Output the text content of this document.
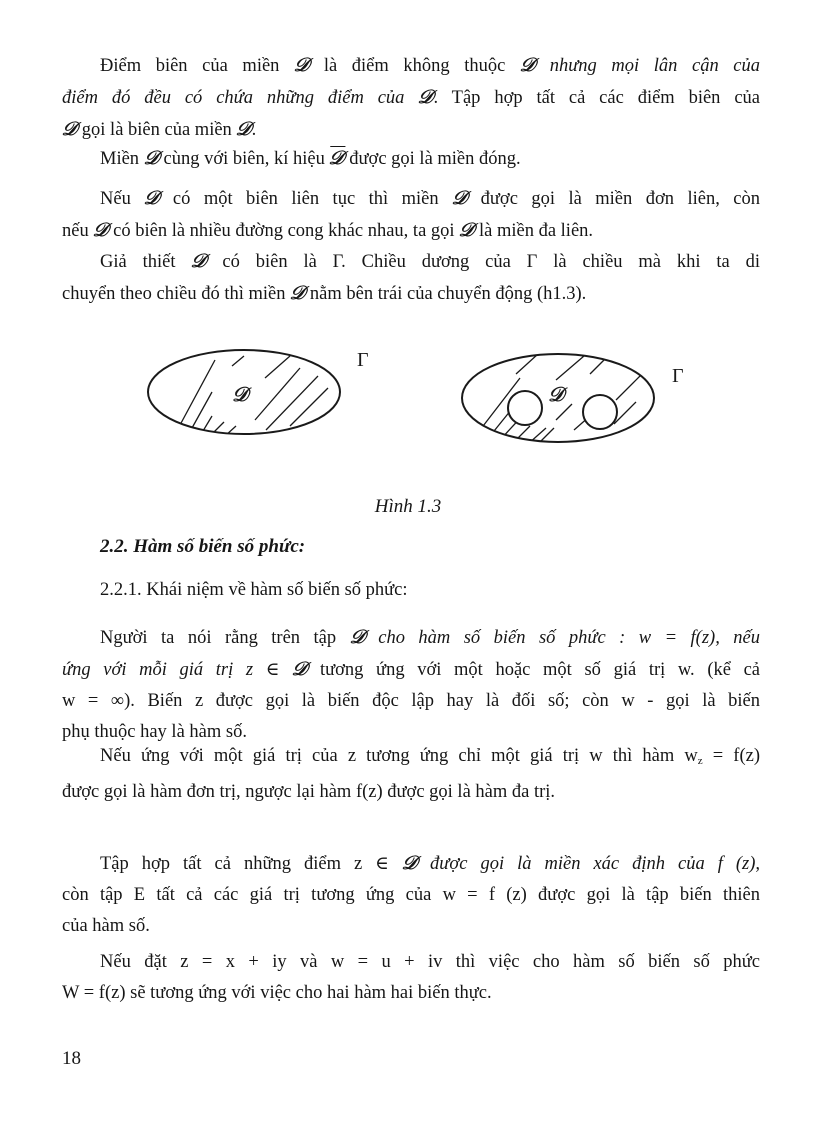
Điểm biên của miền 𝒟 là điểm không thuộc 𝒟 nhưng mọi lân cận của
điểm đó đều có chứa những điểm của 𝒟. Tập hợp tất cả các điểm biên của
𝒟 gọi là biên của miền 𝒟.
Miền 𝒟 cùng với biên, kí hiệu 𝒟 được gọi là miền đóng.
Nếu 𝒟 có một biên liên tục thì miền 𝒟 được gọi là miền đơn liên, còn
nếu 𝒟 có biên là nhiều đường cong khác nhau, ta gọi 𝒟 là miền đa liên.
Giả thiết 𝒟 có biên là Γ. Chiều dương của Γ là chiều mà khi ta di
chuyển theo chiều đó thì miền 𝒟 nằm bên trái của chuyển động (h1.3).
𝒟
Γ
𝒟
Γ
Hình 1.3
2.2. Hàm số biến số phức:
2.2.1. Khái niệm về hàm số biến số phức:
Người ta nói rằng trên tập 𝒟 cho hàm số biến số phức : w = f(z), nếu
ứng với mỗi giá trị z ∈ 𝒟 tương ứng với một hoặc một số giá trị w. (kể cả
w = ∞). Biến z được gọi là biến độc lập hay là đối số; còn w - gọi là biến
phụ thuộc hay là hàm số.
Nếu ứng với một giá trị của z tương ứng chỉ một giá trị w thì hàm $w_z = f(z)$
được gọi là hàm đơn trị, ngược lại hàm f(z) được gọi là hàm đa trị.
Tập hợp tất cả những điểm z ∈ 𝒟 được gọi là miền xác định của f (z),
còn tập E tất cả các giá trị tương ứng của w = f (z) được gọi là tập biến thiên
của hàm số.
Nếu đặt z = x + iy và w = u + iv thì việc cho hàm số biến số phức
W = f(z) sẽ tương ứng với việc cho hai hàm hai biến thực.
18
